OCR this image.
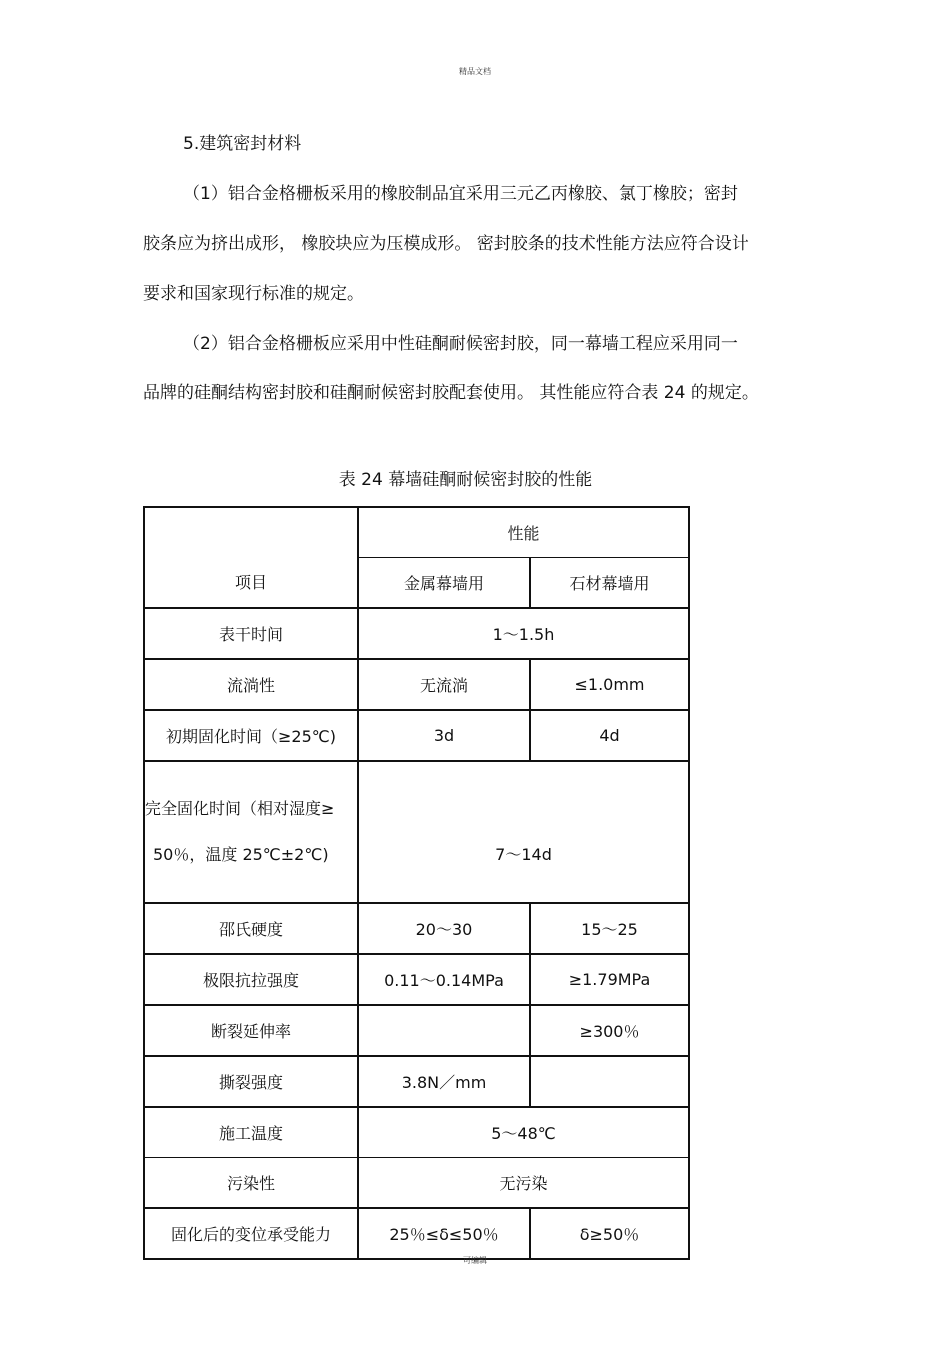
精品文档
5.建筑密封材料
（1）铝合金格栅板采用的橡胶制品宜采用三元乙丙橡胶、氯丁橡胶；密封
胶条应为挤出成形， 橡胶块应为压模成形。 密封胶条的技术性能方法应符合设计
要求和国家现行标准的规定。
（2）铝合金格栅板应采用中性硅酮耐候密封胶，同一幕墙工程应采用同一
品牌的硅酮结构密封胶和硅酮耐候密封胶配套使用。 其性能应符合表 24 的规定。
表 24 幕墙硅酮耐候密封胶的性能
项目	性能	
	金属幕墙用	石材幕墙用
表干时间	1～1.5h	
流淌性	无流淌	≤1.0mm
初期固化时间（≥25℃)	3d	4d

完全固化时间（相对湿度≥
50％，温度 25℃±2℃)	7～14d	
邵氏硬度	20～30	15～25
极限抗拉强度	0.11～0.14MPa	≥1.79MPa
断裂延伸率		≥300％
撕裂强度	3.8N／mm	
施工温度	5～48℃	
污染性	无污染	
固化后的变位承受能力	25％≤δ≤50％	δ≥50％
可编辑
